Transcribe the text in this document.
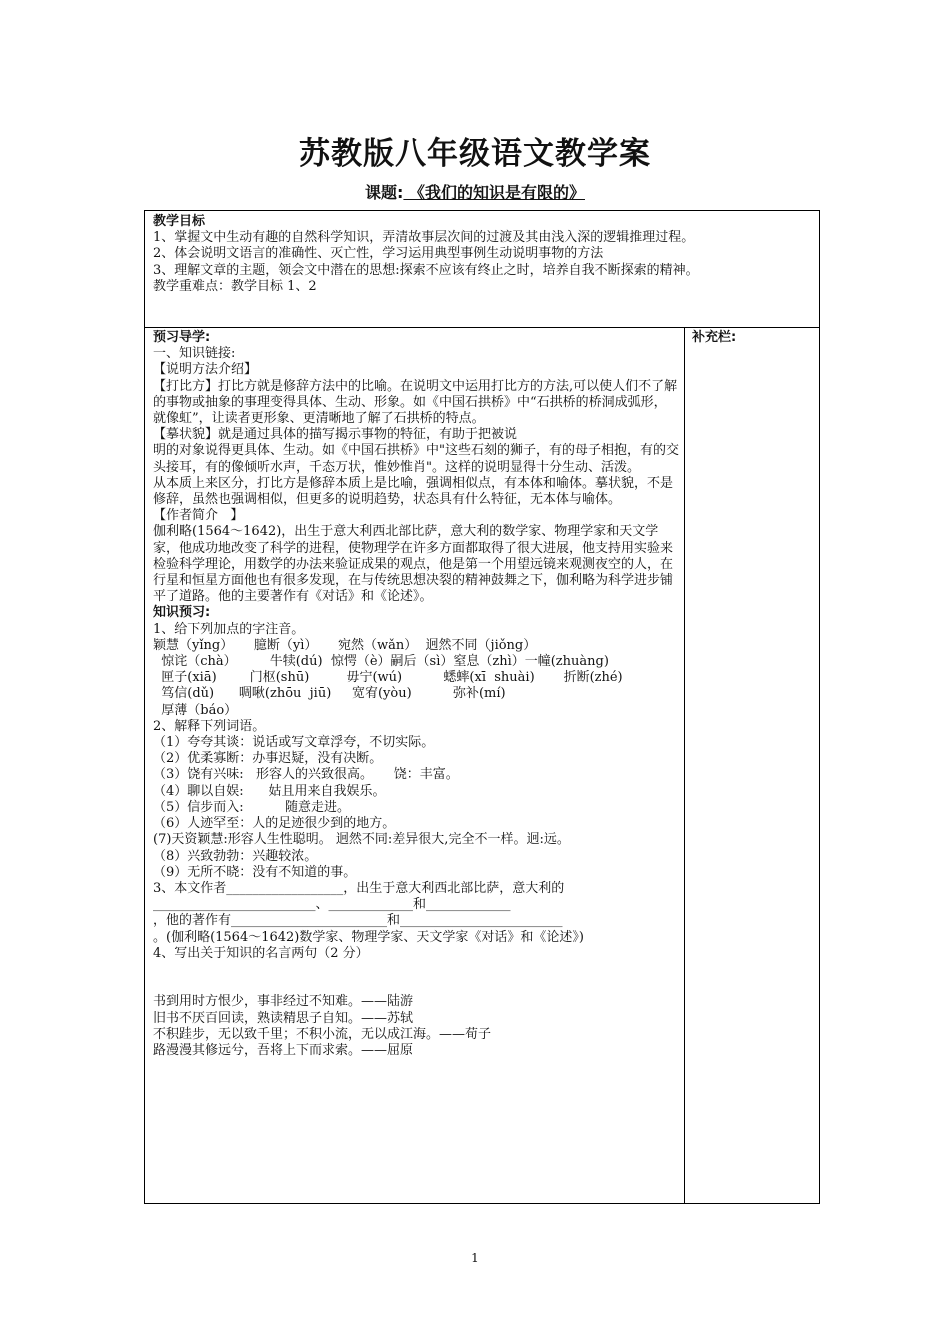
苏教版八年级语文教学案
课题: 《我们的知识是有限的》
教学目标
1、掌握文中生动有趣的自然科学知识，弄清故事层次间的过渡及其由浅入深的逻辑推理过程。
2、体会说明文语言的准确性、灭亡性，学习运用典型事例生动说明事物的方法
3、理解文章的主题，领会文中潜在的思想:探索不应该有终止之时，培养自我不断探索的精神。
教学重难点：教学目标 1、2
预习导学:
一、知识链接:
【说明方法介绍】
【打比方】打比方就是修辞方法中的比喻。在说明文中运用打比方的方法,可以使人们不了解的事物或抽象的事理变得具体、生动、形象。如《中国石拱桥》中“石拱桥的桥洞成弧形，就像虹”，让读者更形象、更清晰地了解了石拱桥的特点。
【摹状貌】就是通过具体的描写揭示事物的特征，有助于把被说
明的对象说得更具体、生动。如《中国石拱桥》中"这些石刻的狮子，有的母子相抱，有的交头接耳，有的像倾听水声，千态万状，惟妙惟肖"。这样的说明显得十分生动、活泼。
从本质上来区分，打比方是修辞本质上是比喻，强调相似点，有本体和喻体。摹状貌，不是修辞，虽然也强调相似，但更多的说明趋势，状态具有什么特征，无本体与喻体。
【作者简介   】
伽利略(1564～1642)，出生于意大利西北部比萨，意大利的数学家、物理学家和天文学家，他成功地改变了科学的进程，使物理学在许多方面都取得了很大进展，他支持用实验来检验科学理论，用数学的办法来验证成果的观点，他是第一个用望远镜来观测夜空的人，在行星和恒星方面他也有很多发现，在与传统思想决裂的精神鼓舞之下，伽利略为科学进步铺平了道路。他的主要著作有《对话》和《论述》。
知识预习:
1、给下列加点的字注音。
颖慧（yǐng）     臆断（yì）     宛然（wǎn）  迥然不同（jiǒng）
惊诧（chà）        牛犊(dú)  惊愕（è）嗣后（sì）窒息（zhì）一幢(zhuàng)
匣子(xiā)        门枢(shū)         毋宁(wú)          蟋蟀(xī  shuài)       折断(zhé)
笃信(dǔ)      啁啾(zhōu  jiū)     宽宥(yòu)          弥补(mí)
厚薄（báo）
2、解释下列词语。
（1）夸夸其谈：说话或写文章浮夸，不切实际。
（2）优柔寡断：办事迟疑，没有决断。
（3）饶有兴味:   形容人的兴致很高。     饶：丰富。
（4）聊以自娱:      姑且用来自我娱乐。
（5）信步而入:          随意走进。
（6）人迹罕至：人的足迹很少到的地方。
(7)天资颖慧:形容人生性聪明。 迥然不同:差异很大,完全不一样。迥:远。
（8）兴致勃勃：兴趣较浓。
（9）无所不晓：没有不知道的事。
3、本文作者__________________，出生于意大利西北部比萨，意大利的_________________________、_____________和_____________
，他的著作有________________________和_________________________
。(伽利略(1564～1642)数学家、物理学家、天文学家《对话》和《论述》)
4、写出关于知识的名言两句（2 分）

书到用时方恨少，事非经过不知难。——陆游
旧书不厌百回读，熟读精思子自知。——苏轼
不积跬步，无以致千里；不积小流，无以成江海。——荀子
路漫漫其修远兮，吾将上下而求索。——屈原
补充栏:
1
